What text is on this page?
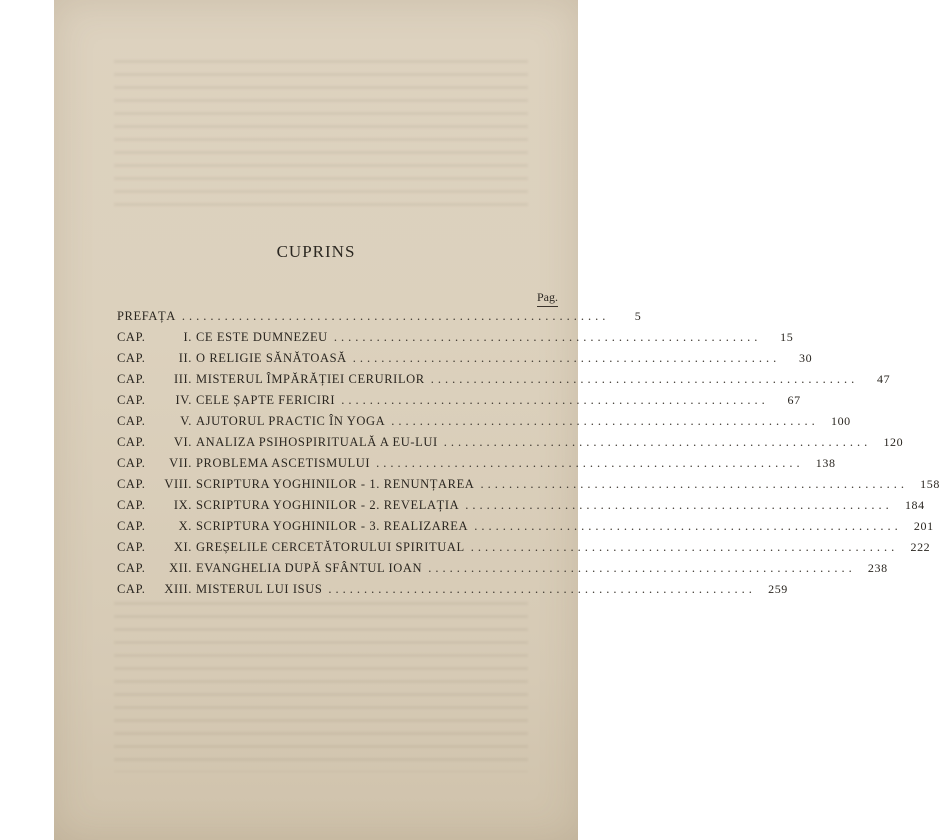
CUPRINS
Pag.
PREFAȚA ............................................................	5
CAP.	I. CE ESTE DUMNEZEU ............................................................	15
CAP.	II. O RELIGIE SĂNĂTOASĂ ............................................................	30
CAP.	III. MISTERUL ÎMPĂRĂȚIEI CERURILOR ............................................................	47
CAP.	IV. CELE ȘAPTE FERICIRI ............................................................	67
CAP.	V. AJUTORUL PRACTIC ÎN YOGA ............................................................	100
CAP.	VI. ANALIZA PSIHOSPIRITUALĂ A EU-LUI ............................................................	120
CAP.	VII. PROBLEMA ASCETISMULUI ............................................................	138
CAP.	VIII. SCRIPTURA YOGHINILOR - 1. RENUNȚAREA ............................................................	158
CAP.	IX. SCRIPTURA YOGHINILOR - 2. REVELAȚIA ............................................................	184
CAP.	X. SCRIPTURA YOGHINILOR - 3. REALIZAREA ............................................................	201
CAP.	XI. GREȘELILE CERCETĂTORULUI SPIRITUAL ............................................................	222
CAP.	XII. EVANGHELIA DUPĂ SFÂNTUL IOAN ............................................................	238
CAP.	XIII. MISTERUL LUI ISUS ............................................................	259
